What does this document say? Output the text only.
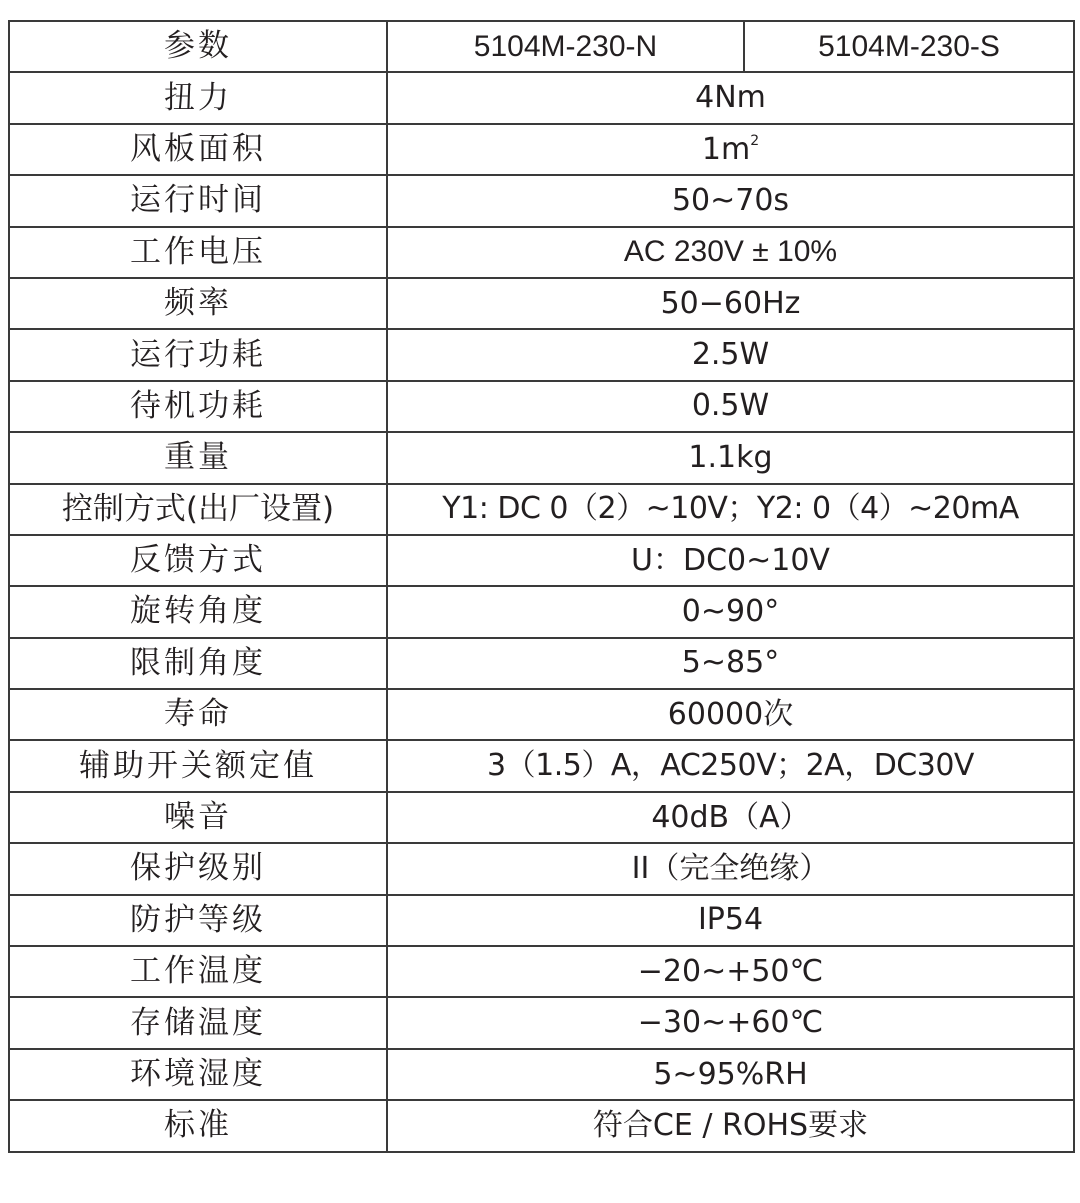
参数	5104M-230-N	5104M-230-S
扭力	4Nm	
风板面积	$1m^2$
运行时间	50~70s	
工作电压	AC 230V ± 10%	
频率	50−60Hz	
运行功耗	2.5W	
待机功耗	0.5W	
重量	1.1kg	
控制方式(出厂设置)	Y1: DC 0（2）~10V；Y2: 0（4）~20mA	
反馈方式	U：DC0~10V	
旋转角度	0~90°	
限制角度	5~85°	
寿命	60000次	
辅助开关额定值	3（1.5）A，AC250V；2A，DC30V	
噪音	40dB（A）	
保护级别	II（完全绝缘）	
防护等级	IP54	
工作温度	−20~+50℃	
存储温度	−30~+60℃	
环境湿度	5~95%RH	
标准	符合CE / ROHS要求	
